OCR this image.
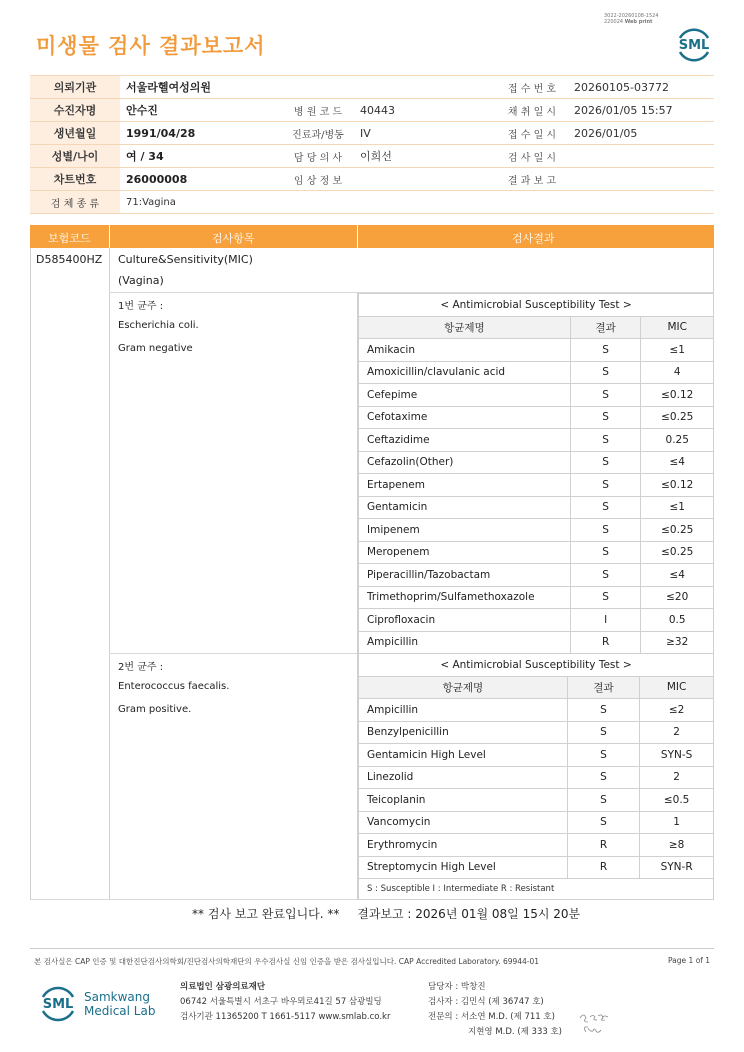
미생물 검사 결과보고서
3022-20260108-1524
220024 Web print
SML
의뢰기관	서울라헬여성의원			접 수 번 호	20260105-03772
수진자명	안수진	병 원 코 드	40443	채 취 일 시	2026/01/05 15:57
생년월일	1991/04/28	진료과/병동	IV	접 수 일 시	2026/01/05
성별/나이	여 / 34	담 당 의 사	이희선	검 사 일 시	
차트번호	26000008	임 상 정 보		결 과 보 고	
검 체 종 류	71:Vagina				
보험코드	검사항목	검사결과
D585400HZ Culture&Sensitivity(MIC)
(Vagina)
1번 균주 :
Escherichia coli.
Gram negative
< Antimicrobial Susceptibility Test >		
항균제명	결과	MIC
Amikacin	S	≤1
Amoxicillin/clavulanic acid	S	4
Cefepime	S	≤0.12
Cefotaxime	S	≤0.25
Ceftazidime	S	0.25
Cefazolin(Other)	S	≤4
Ertapenem	S	≤0.12
Gentamicin	S	≤1
Imipenem	S	≤0.25
Meropenem	S	≤0.25
Piperacillin/Tazobactam	S	≤4
Trimethoprim/Sulfamethoxazole	S	≤20
Ciprofloxacin	I	0.5
Ampicillin	R	≥32
2번 균주 :
Enterococcus faecalis.
Gram positive.
< Antimicrobial Susceptibility Test >		
항균제명	결과	MIC
Ampicillin	S	≤2
Benzylpenicillin	S	2
Gentamicin High Level	S	SYN-S
Linezolid	S	2
Teicoplanin	S	≤0.5
Vancomycin	S	1
Erythromycin	R	≥8
Streptomycin High Level	R	SYN-R
S : Susceptible I : Intermediate R : Resistant
** 검사 보고 완료입니다. ** 결과보고 : 2026년 01월 08일 15시 20분
본 검사실은 CAP 인증 및 대한진단검사의학회/진단검사의학재단의 우수검사실 신임 인증을 받은 검사실입니다. CAP Accredited Laboratory. 69944-01	Page 1 of 1
SML Samkwang
Medical Lab
의료법인 삼광의료재단
06742 서울특별시 서초구 바우뫼로41길 57 삼광빌딩
검사기관 11365200 T 1661-5117 www.smlab.co.kr
담당자 : 박창진
검사자 : 김민식 (제 36747 호)
전문의 : 서소연 M.D. (제 711 호)
지현영 M.D. (제 333 호)
